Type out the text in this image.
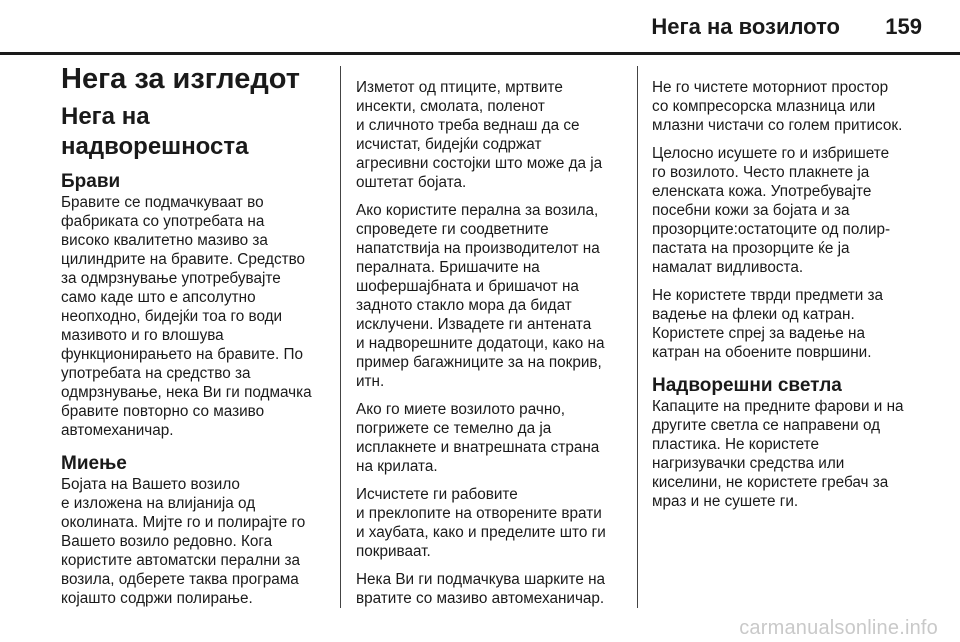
Нега на возилото 159
Нега за изгледот
Нега на надворешноста
Брави

Бравите се подмачкуваат во
фабриката со употребата на
високо квалитетно мазиво за
цилиндрите на бравите. Средство
за одмрзнување употребувајте
само каде што е апсолутно
неопходно, бидејќи тоа го води
мазивото и го влошува
функционирањето на бравите. По
употребата на средство за
одмрзнување, нека Ви ги подмачка
бравите повторно со мазиво
автомеханичар.

Миење

Бојата на Вашето возило
е изложена на влијанија од
околината. Мијте го и полирајте го
Вашето возило редовно. Кога
користите автоматски перални за
возила, одберете таква програма
којашто содржи полирање.

Изметот од птиците, мртвите
инсекти, смолата, поленот
и сличното треба веднаш да се
исчистат, бидејќи содржат
агресивни состојки што може да ја
оштетат бојата.

Ако користите перална за возила,
спроведете ги соодветните
напатствија на производителот на
пералната. Бришачите на
шофершајбната и бришачот на
задното стакло мора да бидат
исклучени. Извадете ги антената
и надворешните додатоци, како на
пример багажниците за на покрив,
итн.

Ако го миете возилото рачно,
погрижете се темелно да ја
исплакнете и внатрешната страна
на крилата.

Исчистете ги рабовите
и преклопите на отворените врати
и хаубата, како и пределите што ги
покриваат.

Нека Ви ги подмачкува шарките на
вратите со мазиво автомеханичар.

Не го чистете моторниот простор
со компресорска млазница или
млазни чистачи со голем притисок.

Целосно исушете го и избришете
го возилото. Често плакнете ја
еленската кожа. Употребувајте
посебни кожи за бојата и за
прозорците:остатоците од полир-
пастата на прозорците ќе ја
намалат видливоста.

Не користете тврди предмети за
вадење на флеки од катран.
Користете спреј за вадење на
катран на обоените површини.

Надворешни светла

Капаците на предните фарови и на
другите светла се направени од
пластика. Не користете
нагризувачки средства или
киселини, не користете гребач за
мраз и не сушете ги.

carmanualsonline.info
